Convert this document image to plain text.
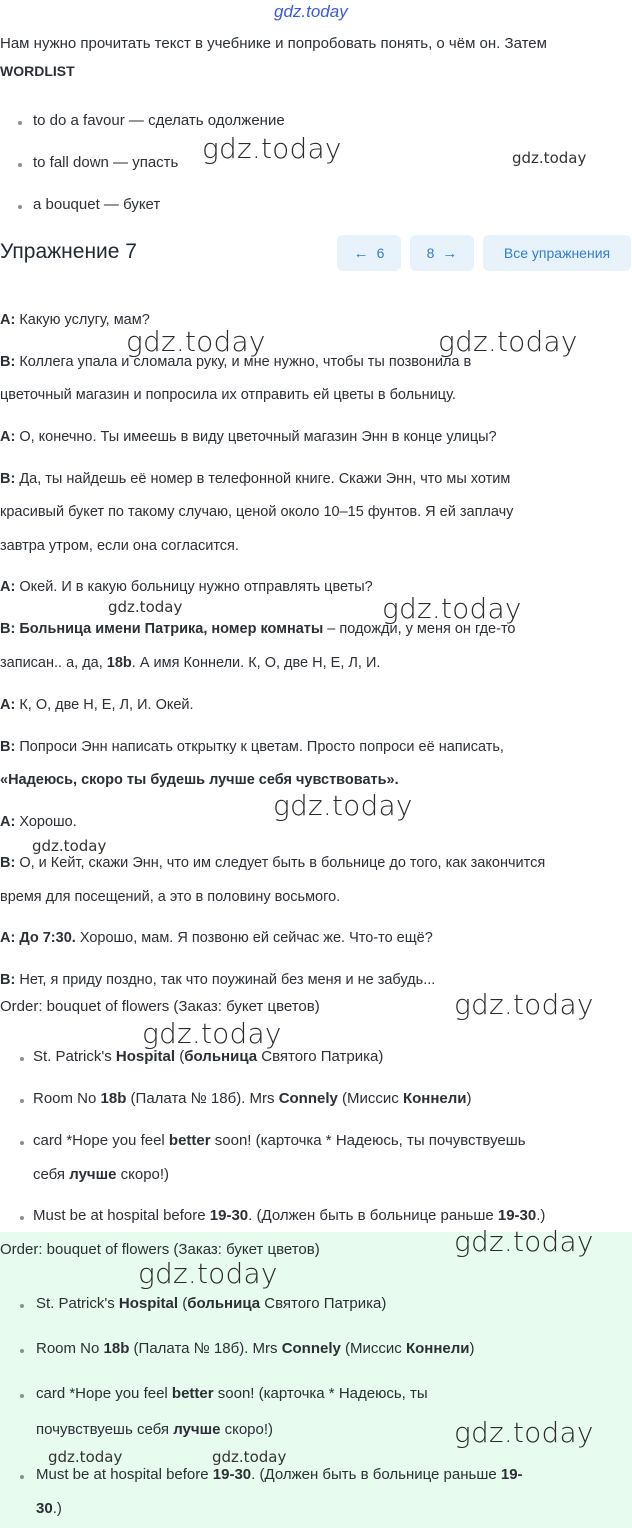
gdz.today
Нам нужно прочитать текст в учебнике и попробовать понять, о чём он. Затем
WORDLIST
to do a favour — сделать одолжение
to fall down — упасть
a bouquet — букет
Упражнение 7	← 6	8 →	Все упражнения
A: Какую услугу, мам?
B: Коллега упала и сломала руку, и мне нужно, чтобы ты позвонила в
цветочный магазин и попросила их отправить ей цветы в больницу.
A: О, конечно. Ты имеешь в виду цветочный магазин Энн в конце улицы?
B: Да, ты найдешь её номер в телефонной книге. Скажи Энн, что мы хотим
красивый букет по такому случаю, ценой около 10–15 фунтов. Я ей заплачу
завтра утром, если она согласится.
A: Окей. И в какую больницу нужно отправлять цветы?
B: Больница имени Патрика, номер комнаты – подожди, у меня он где-то
записан.. а, да, 18b. А имя Коннели. К, О, две Н, Е, Л, И.
A: К, О, две Н, Е, Л, И. Окей.
B: Попроси Энн написать открытку к цветам. Просто попроси её написать,
«Надеюсь, скоро ты будешь лучше себя чувствовать».
A: Хорошо.
B: О, и Кейт, скажи Энн, что им следует быть в больнице до того, как закончится
время для посещений, а это в половину восьмого.
A: До 7:30. Хорошо, мам. Я позвоню ей сейчас же. Что-то ещё?
B: Нет, я приду поздно, так что поужинай без меня и не забудь...
Order: bouquet of flowers (Заказ: букет цветов)
St. Patrick's Hospital (больница Святого Патрика)
Room No 18b (Палата № 18б). Mrs Connely (Миссис Коннели)
card *Hope you feel better soon! (карточка * Надеюсь, ты почувствуешь
себя лучше скоро!)
Must be at hospital before 19-30. (Должен быть в больнице раньше 19-30.)
Order: bouquet of flowers (Заказ: букет цветов)
St. Patrick's Hospital (больница Святого Патрика)
Room No 18b (Палата № 18б). Mrs Connely (Миссис Коннели)
card *Hope you feel better soon! (карточка * Надеюсь, ты
почувствуешь себя лучше скоро!)
Must be at hospital before 19-30. (Должен быть в больнице раньше 19-
30.)
gdz.today	gdz.today
gdz.today	gdz.today
gdz.today	gdz.today
gdz.today
gdz.today
gdz.today
gdz.today
gdz.today
gdz.today
gdz.today
gdz.today	gdz.today
